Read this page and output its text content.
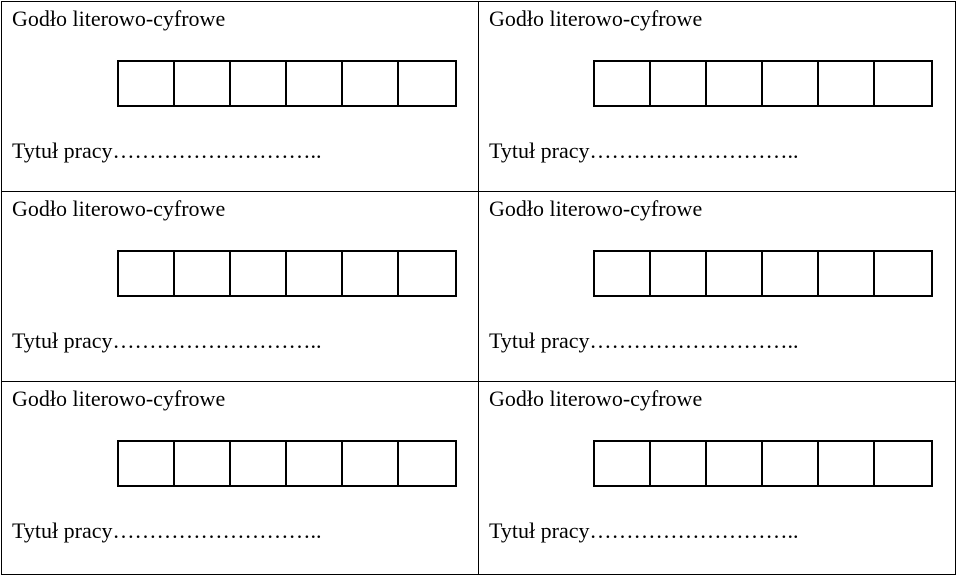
Godło literowo-cyfrowe
Tytuł pracy………………………..
Godło literowo-cyfrowe
Tytuł pracy………………………..
Godło literowo-cyfrowe
Tytuł pracy………………………..
Godło literowo-cyfrowe
Tytuł pracy………………………..
Godło literowo-cyfrowe
Tytuł pracy………………………..
Godło literowo-cyfrowe
Tytuł pracy………………………..
